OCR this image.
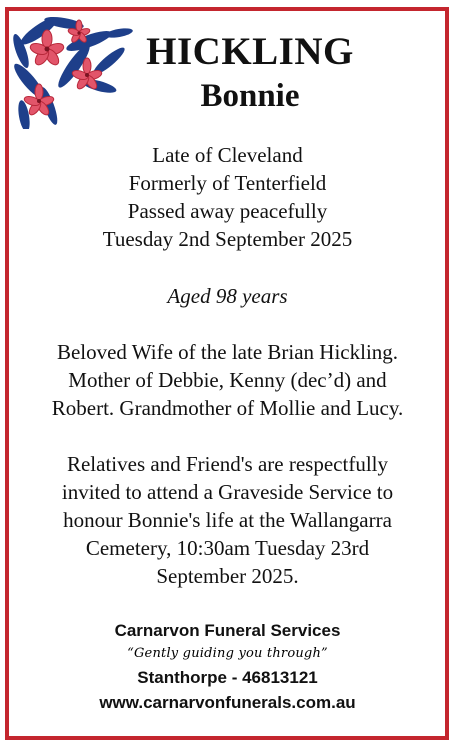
HICKLING
Bonnie
Late of Cleveland
Formerly of Tenterfield
Passed away peacefully
Tuesday 2nd September 2025
Aged 98 years
Beloved Wife of the late Brian Hickling.
Mother of Debbie, Kenny (dec’d) and
Robert. Grandmother of Mollie and Lucy.
Relatives and Friend's are respectfully
invited to attend a Graveside Service to
honour Bonnie's life at the Wallangarra
Cemetery, 10:30am Tuesday 23rd
September 2025.
Carnarvon Funeral Services
“Gently guiding you through”
Stanthorpe - 46813121
www.carnarvonfunerals.com.au
